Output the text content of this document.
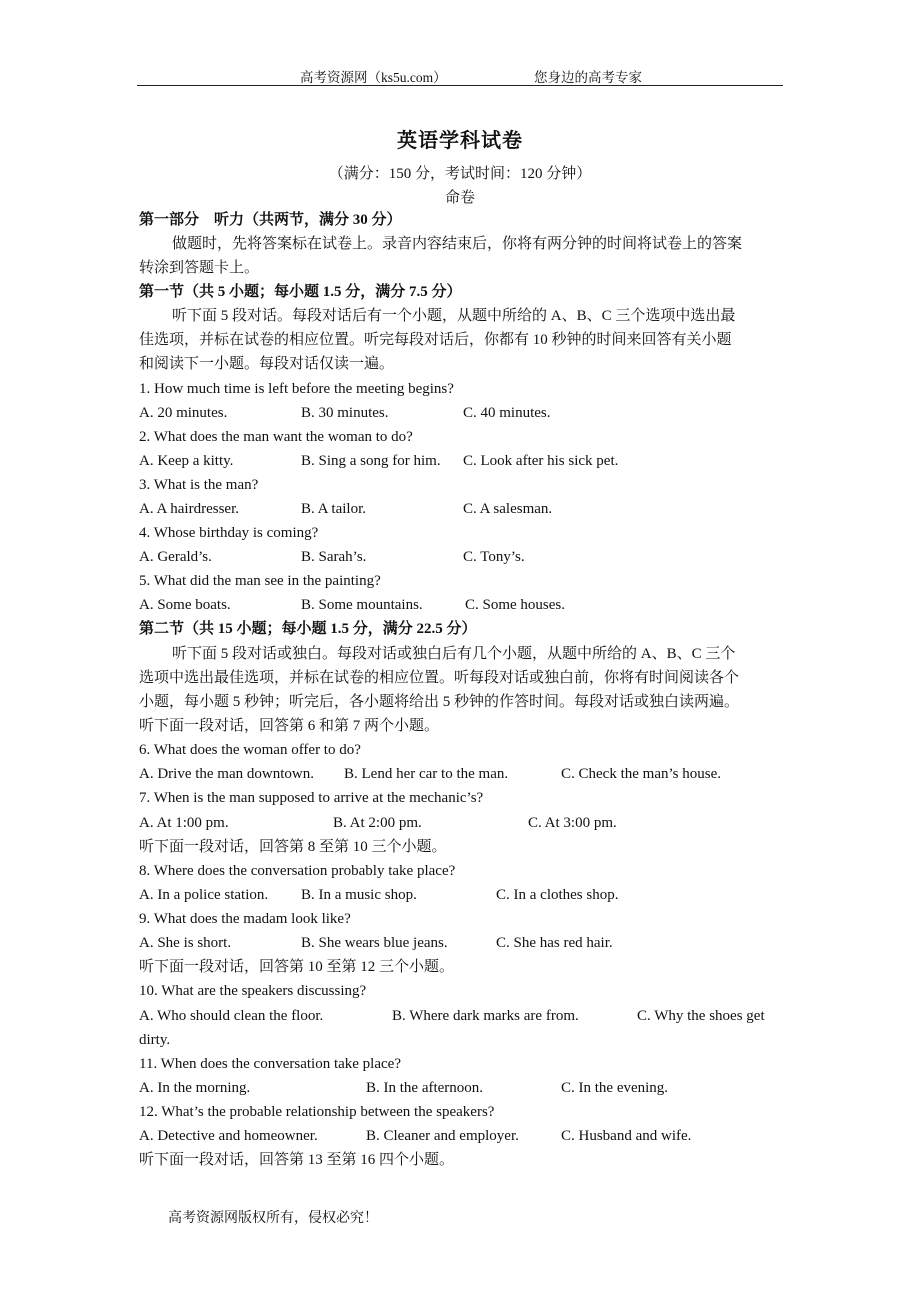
高考资源网（ks5u.com）	您身边的高考专家
英语学科试卷
（满分：150 分，考试时间：120 分钟）
命卷
第一部分　听力（共两节，满分 30 分）
做题时，先将答案标在试卷上。录音内容结束后，你将有两分钟的时间将试卷上的答案
转涂到答题卡上。
第一节（共 5 小题；每小题 1.5 分，满分 7.5 分）
听下面 5 段对话。每段对话后有一个小题，从题中所给的 A、B、C 三个选项中选出最
佳选项，并标在试卷的相应位置。听完每段对话后，你都有 10 秒钟的时间来回答有关小题
和阅读下一小题。每段对话仅读一遍。
1. How much time is left before the meeting begins?
A. 20 minutes.	B. 30 minutes.	C. 40 minutes.
2. What does the man want the woman to do?
A. Keep a kitty.	B. Sing a song for him. C. Look after his sick pet.
3. What is the man?
A. A hairdresser.	B. A tailor.	C. A salesman.
4. Whose birthday is coming?
A. Gerald’s.	B. Sarah’s.	C. Tony’s.
5. What did the man see in the painting?
A. Some boats.	B. Some mountains.	C. Some houses.
第二节（共 15 小题；每小题 1.5 分，满分 22.5 分）
听下面 5 段对话或独白。每段对话或独白后有几个小题，从题中所给的 A、B、C 三个
选项中选出最佳选项，并标在试卷的相应位置。听每段对话或独白前，你将有时间阅读各个
小题，每小题 5 秒钟；听完后，各小题将给出 5 秒钟的作答时间。每段对话或独白读两遍。
听下面一段对话，回答第 6 和第 7 两个小题。
6. What does the woman offer to do?
A. Drive the man downtown. B. Lend her car to the man.	C. Check the man’s house.
7. When is the man supposed to arrive at the mechanic’s?
A. At 1:00 pm.	B. At 2:00 pm.	C. At 3:00 pm.
听下面一段对话，回答第 8 至第 10 三个小题。
8. Where does the conversation probably take place?
A. In a police station. B. In a music shop.	C. In a clothes shop.
9. What does the madam look like?
A. She is short.	B. She wears blue jeans.	C. She has red hair.
听下面一段对话，回答第 10 至第 12 三个小题。
10. What are the speakers discussing?
A. Who should clean the floor.	B. Where dark marks are from.	C. Why the shoes get
dirty.
11. When does the conversation take place?
A. In the morning.	B. In the afternoon.	C. In the evening.
12. What’s the probable relationship between the speakers?
A. Detective and homeowner.	B. Cleaner and employer.	C. Husband and wife.
听下面一段对话，回答第 13 至第 16 四个小题。
高考资源网版权所有，侵权必究！
